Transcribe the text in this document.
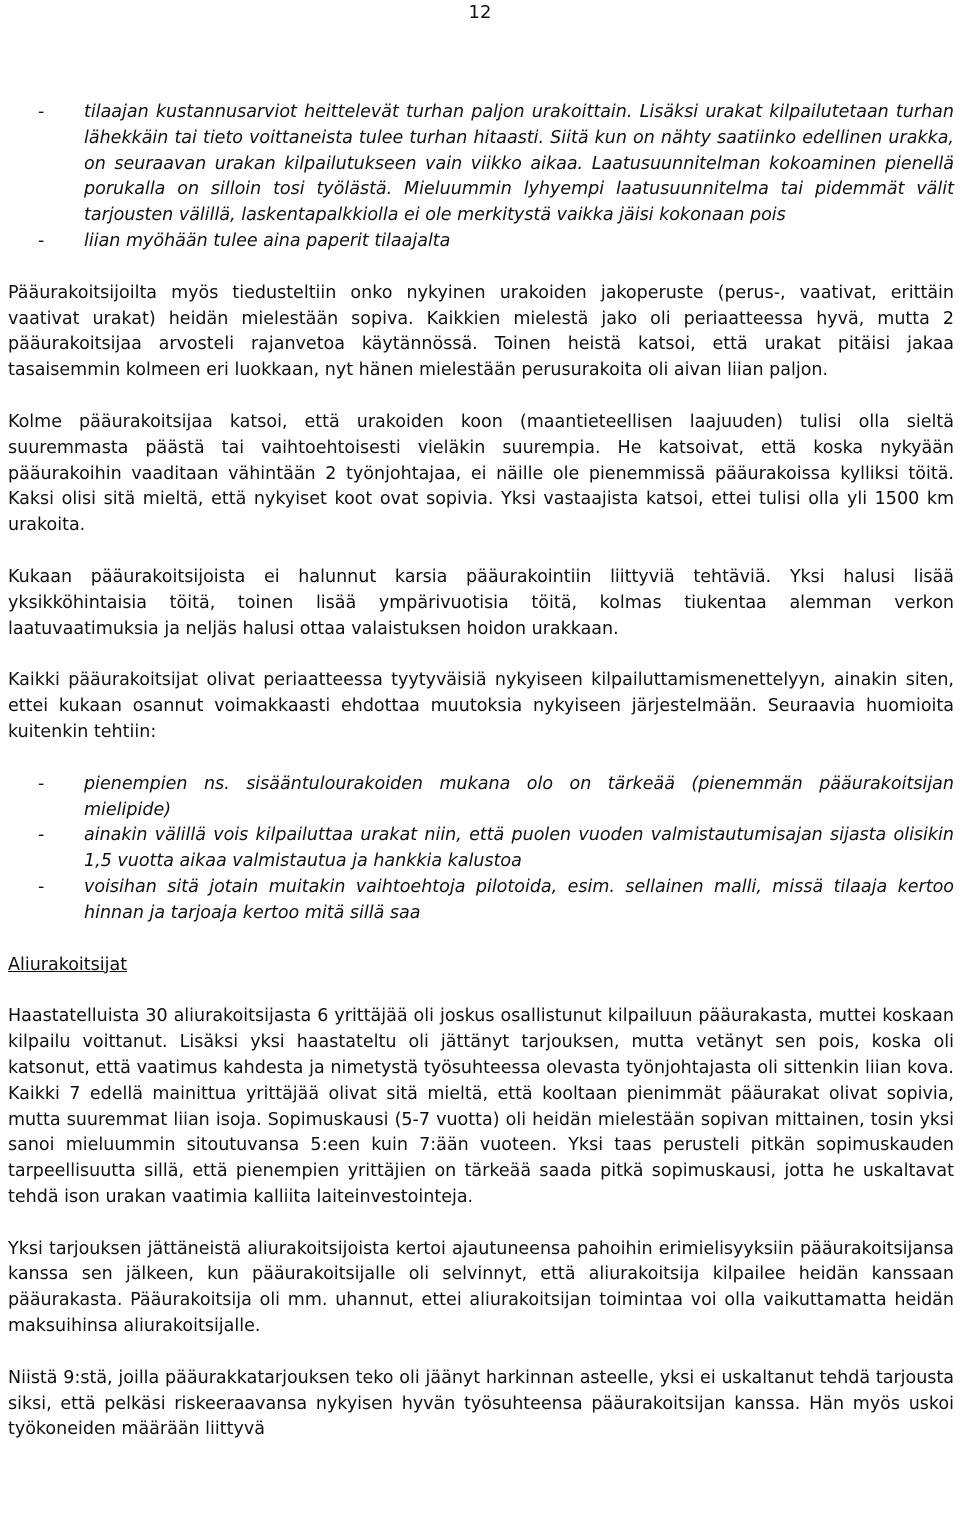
12
- tilaajan kustannusarviot heittelevät turhan paljon urakoittain. Lisäksi urakat kilpailutetaan turhan lähekkäin tai tieto voittaneista tulee turhan hitaasti. Siitä kun on nähty saatiinko edellinen urakka, on seuraavan urakan kilpailutukseen vain viikko aikaa. Laatusuunnitelman kokoaminen pienellä porukalla on silloin tosi työlästä. Mieluummin lyhyempi laatusuunnitelma tai pidemmät välit tarjousten välillä, laskentapalkkiolla ei ole merkitystä vaikka jäisi kokonaan pois
- liian myöhään tulee aina paperit tilaajalta

Pääurakoitsijoilta myös tiedusteltiin onko nykyinen urakoiden jakoperuste (perus-, vaativat, erittäin vaativat urakat) heidän mielestään sopiva. Kaikkien mielestä jako oli periaatteessa hyvä, mutta 2 pääurakoitsijaa arvosteli rajanvetoa käytännössä. Toinen heistä katsoi, että urakat pitäisi jakaa tasaisemmin kolmeen eri luokkaan, nyt hänen mielestään perusurakoita oli aivan liian paljon.

Kolme pääurakoitsijaa katsoi, että urakoiden koon (maantieteellisen laajuuden) tulisi olla sieltä suuremmasta päästä tai vaihtoehtoisesti vieläkin suurempia. He katsoivat, että koska nykyään pääurakoihin vaaditaan vähintään 2 työnjohtajaa, ei näille ole pienemmissä pääurakoissa kylliksi töitä. Kaksi olisi sitä mieltä, että nykyiset koot ovat sopivia. Yksi vastaajista katsoi, ettei tulisi olla yli 1500 km urakoita.

Kukaan pääurakoitsijoista ei halunnut karsia pääurakointiin liittyviä tehtäviä. Yksi halusi lisää yksikköhintaisia töitä, toinen lisää ympärivuotisia töitä, kolmas tiukentaa alemman verkon laatuvaatimuksia ja neljäs halusi ottaa valaistuksen hoidon urakkaan.

Kaikki pääurakoitsijat olivat periaatteessa tyytyväisiä nykyiseen kilpailuttamismenettelyyn, ainakin siten, ettei kukaan osannut voimakkaasti ehdottaa muutoksia nykyiseen järjestelmään. Seuraavia huomioita kuitenkin tehtiin:

- pienempien ns. sisääntulourakoiden mukana olo on tärkeää (pienemmän pääurakoitsijan mielipide)
- ainakin välillä vois kilpailuttaa urakat niin, että puolen vuoden valmistautumisajan sijasta olisikin 1,5 vuotta aikaa valmistautua ja hankkia kalustoa
- voisihan sitä jotain muitakin vaihtoehtoja pilotoida, esim. sellainen malli, missä tilaaja kertoo hinnan ja tarjoaja kertoo mitä sillä saa

Aliurakoitsijat

Haastatelluista 30 aliurakoitsijasta 6 yrittäjää oli joskus osallistunut kilpailuun pääurakasta, muttei koskaan kilpailu voittanut. Lisäksi yksi haastateltu oli jättänyt tarjouksen, mutta vetänyt sen pois, koska oli katsonut, että vaatimus kahdesta ja nimetystä työsuhteessa olevasta työnjohtajasta oli sittenkin liian kova. Kaikki 7 edellä mainittua yrittäjää olivat sitä mieltä, että kooltaan pienimmät pääurakat olivat sopivia, mutta suuremmat liian isoja. Sopimuskausi (5-7 vuotta) oli heidän mielestään sopivan mittainen, tosin yksi sanoi mieluummin sitoutuvansa 5:een kuin 7:ään vuoteen. Yksi taas perusteli pitkän sopimuskauden tarpeellisuutta sillä, että pienempien yrittäjien on tärkeää saada pitkä sopimuskausi, jotta he uskaltavat tehdä ison urakan vaatimia kalliita laiteinvestointeja.

Yksi tarjouksen jättäneistä aliurakoitsijoista kertoi ajautuneensa pahoihin erimielisyyksiin pääurakoitsijansa kanssa sen jälkeen, kun pääurakoitsijalle oli selvinnyt, että aliurakoitsija kilpailee heidän kanssaan pääurakasta. Pääurakoitsija oli mm. uhannut, ettei aliurakoitsijan toimintaa voi olla vaikuttamatta heidän maksuihinsa aliurakoitsijalle.

Niistä 9:stä, joilla pääurakkatarjouksen teko oli jäänyt harkinnan asteelle, yksi ei uskaltanut tehdä tarjousta siksi, että pelkäsi riskeeraavansa nykyisen hyvän työsuhteensa pääurakoitsijan kanssa. Hän myös uskoi työkoneiden määrään liittyvä
